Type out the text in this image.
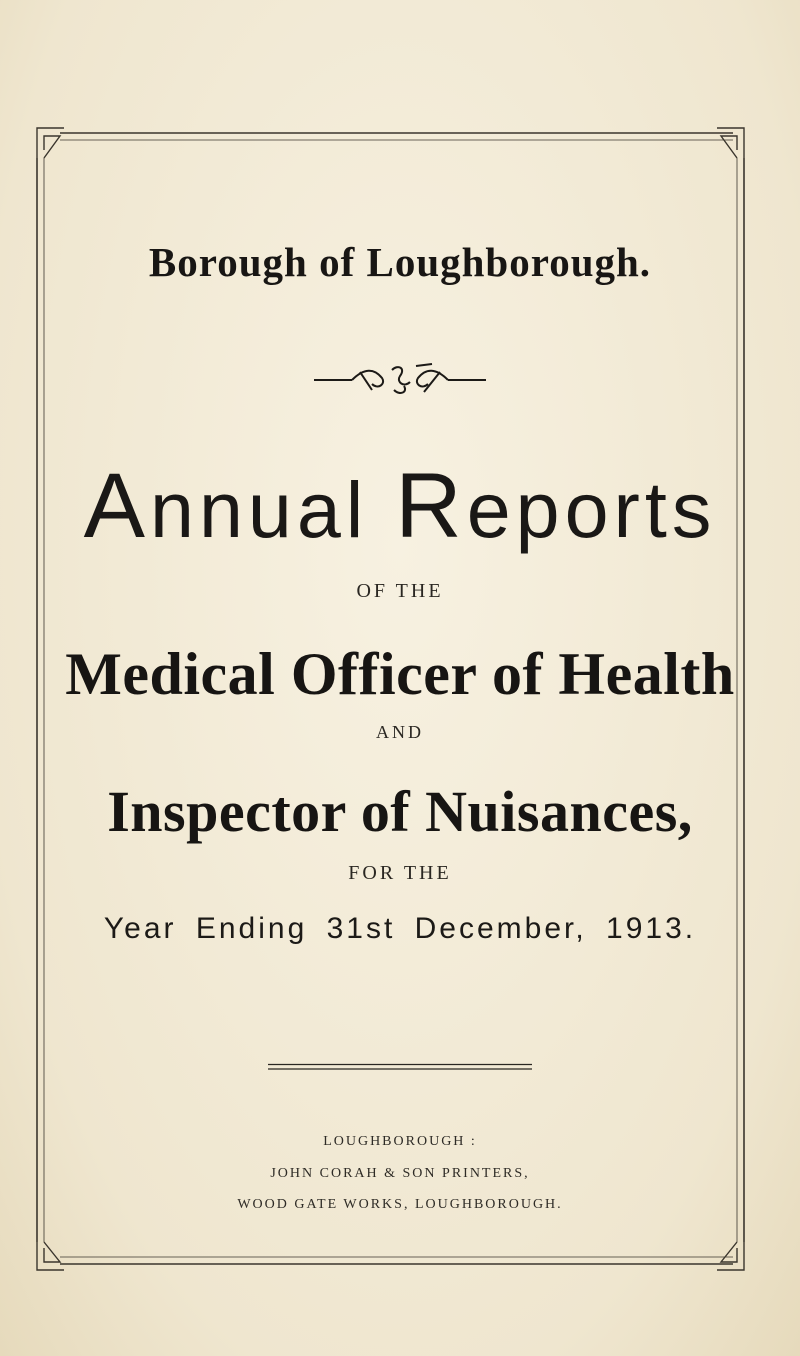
Borough of Loughborough.
Annual Reports
OF THE
Medical Officer of Health
AND
Inspector of Nuisances,
FOR THE
Year Ending 31st December, 1913.
LOUGHBOROUGH :
JOHN CORAH & SON PRINTERS,
WOOD GATE WORKS, LOUGHBOROUGH.
